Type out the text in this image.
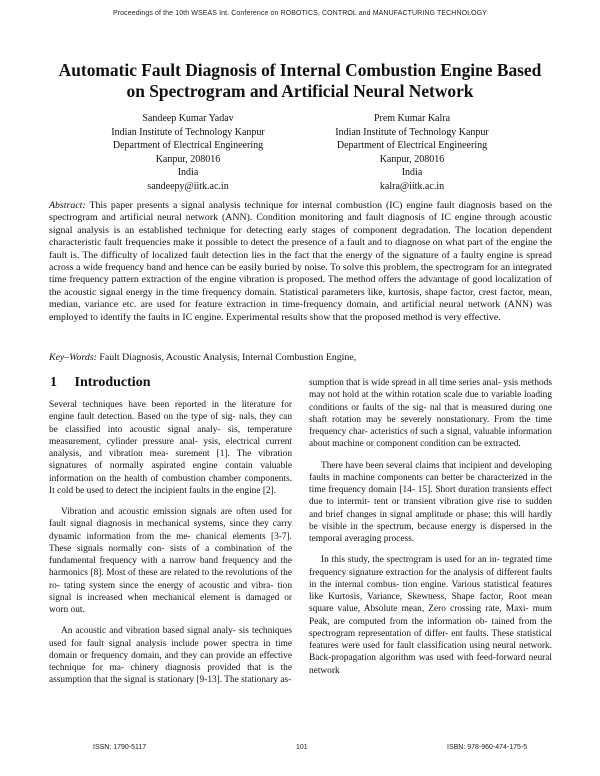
Proceedings of the 10th WSEAS Int. Conference on ROBOTICS, CONTROL and MANUFACTURING TECHNOLOGY
Automatic Fault Diagnosis of Internal Combustion Engine Based
on Spectrogram and Artificial Neural Network
Sandeep Kumar Yadav
Indian Institute of Technology Kanpur
Department of Electrical Engineering
Kanpur, 208016
India
sandeepy@iitk.ac.in
Prem Kumar Kalra
Indian Institute of Technology Kanpur
Department of Electrical Engineering
Kanpur, 208016
India
kalra@iitk.ac.in
Abstract: This paper presents a signal analysis technique for internal combustion (IC) engine fault diagnosis based on the spectrogram and artificial neural network (ANN). Condition monitoring and fault diagnosis of IC engine through acoustic signal analysis is an established technique for detecting early stages of component degradation. The location dependent characteristic fault frequencies make it possible to detect the presence of a fault and to diagnose on what part of the engine the fault is. The difficulty of localized fault detection lies in the fact that the energy of the signature of a faulty engine is spread across a wide frequency band and hence can be easily buried by noise. To solve this problem, the spectrogram for an integrated time frequency pattern extraction of the engine vibration is proposed. The method offers the advantage of good localization of the acoustic signal energy in the time frequency domain. Statistical parameters like, kurtosis, shape factor, crest factor, mean, median, variance etc. are used for feature extraction in time-frequency domain, and artificial neural network (ANN) was employed to identify the faults in IC engine. Experimental results show that the proposed method is very effective.
Key–Words: Fault Diagnosis, Acoustic Analysis, Internal Combustion Engine,
1 Introduction

Several techniques have been reported in the literature for engine fault detection. Based on the type of sig- nals, they can be classified into acoustic signal analy- sis, temperature measurement, cylinder pressure anal- ysis, electrical current analysis, and vibration mea- surement [1]. The vibration signatures of normally aspirated engine contain valuable information on the health of combustion chamber components. It cold be used to detect the incipient faults in the engine [2].

Vibration and acoustic emission signals are often used for fault signal diagnosis in mechanical systems, since they carry dynamic information from the me- chanical elements [3-7]. These signals normally con- sists of a combination of the fundamental frequency with a narrow band frequency and the harmonics [8]. Most of these are related to the revolutions of the ro- tating system since the energy of acoustic and vibra- tion signal is increased when mechanical element is damaged or worn out.

An acoustic and vibration based signal analy- sis techniques used for fault signal analysis include power spectra in time domain or frequency domain, and they can provide an effective technique for ma- chinery diagnosis provided that is the assumption that the signal is stationary [9-13]. The stationary as-

sumption that is wide spread in all time series anal- ysis methods may not hold at the within rotation scale due to variable loading conditions or faults of the sig- nal that is measured during one shaft rotation may be severely nonstationary. From the time frequency char- acteristics of such a signal, valuable information about machine or component condition can be extracted.

There have been several claims that incipient and developing faults in machine components can better be characterized in the time frequency domain [14- 15]. Short duration transients effect due to intermit- tent or transient vibration give rise to sudden and brief changes in signal amplitude or phase; this will hardly be visible in the spectrum, because energy is dispersed in the temporal averaging process.

In this study, the spectrogram is used for an in- tegrated time frequency signature extraction for the analysis of different faults in the internal combus- tion engine. Various statistical features like Kurtosis, Variance, Skewness, Shape factor, Root mean square value, Absolute mean, Zero crossing rate, Maxi- mum Peak, are computed from the information ob- tained from the spectrogram representation of differ- ent faults. These statistical features were used for fault classification using neural network. Back-propagation algorithm was used with feed-forward neural network

ISSN: 1790-5117	101	ISBN: 978-960-474-175-5
